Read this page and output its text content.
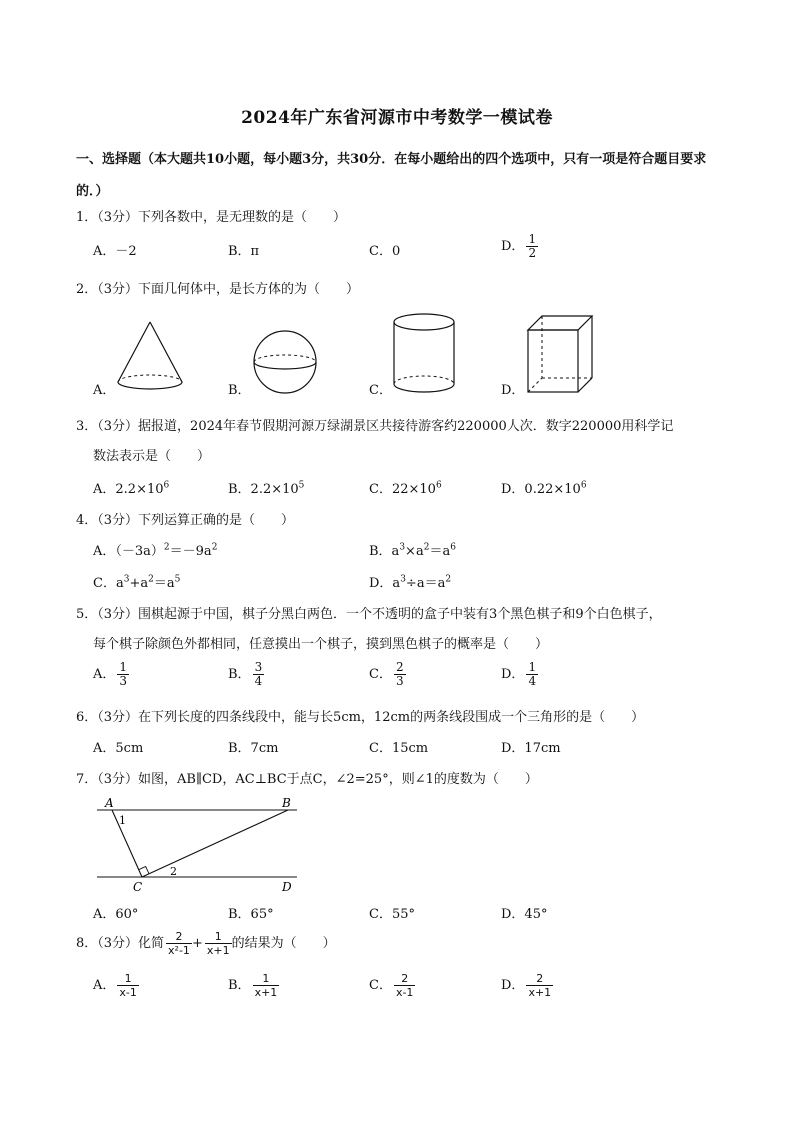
2024年广东省河源市中考数学一模试卷
一、选择题（本大题共10小题，每小题3分，共30分．在每小题给出的四个选项中，只有一项是符合题目要求的．）
1．（3分）下列各数中，是无理数的是（　　）
A．－2	B．π	C．0	D． $\frac{1}{2}$
2．（3分）下面几何体中，是长方体的为（　　）
A．	B．	C．	D．
3．（3分）据报道，2024年春节假期河源万绿湖景区共接待游客约220000人次．数字220000用科学记
数法表示是（　　）
A．$2.2\times 10^6$	B．$2.2\times 10^5$	C．$22\times 10^6$	D．$0.22\times 10^6$
4．（3分）下列运算正确的是（　　）
A．$(-3a)^2=-9a^2$	B．$a^3\times a^2=a^6$
C．$a^3+a^2=a^5$	D．$a^3\div a=a^2$
5．（3分）围棋起源于中国，棋子分黑白两色．一个不透明的盒子中装有3个黑色棋子和9个白色棋子，
每个棋子除颜色外都相同，任意摸出一个棋子，摸到黑色棋子的概率是（　　）
A． $\frac{1}{3}$	B． $\frac{3}{4}$	C． $\frac{2}{3}$	D． $\frac{1}{4}$
6．（3分）在下列长度的四条线段中，能与长5cm，12cm的两条线段围成一个三角形的是（　　）
A．5cm	B．7cm	C．15cm	D．17cm
7．（3分）如图，AB∥CD，AC⊥BC于点C，∠2=25°，则∠1的度数为（　　）
A	B
C	D
1
2
A．60°	B．65°	C．55°	D．45°
8．（3分）化简 $\frac{2}{\text{x²-1}} + \frac{1}{x+1}$ 的结果为（　　）
A． $\frac{1}{x-1}$	B． $\frac{1}{x+1}$	C． $\frac{2}{x-1}$	D． $\frac{2}{x+1}$
